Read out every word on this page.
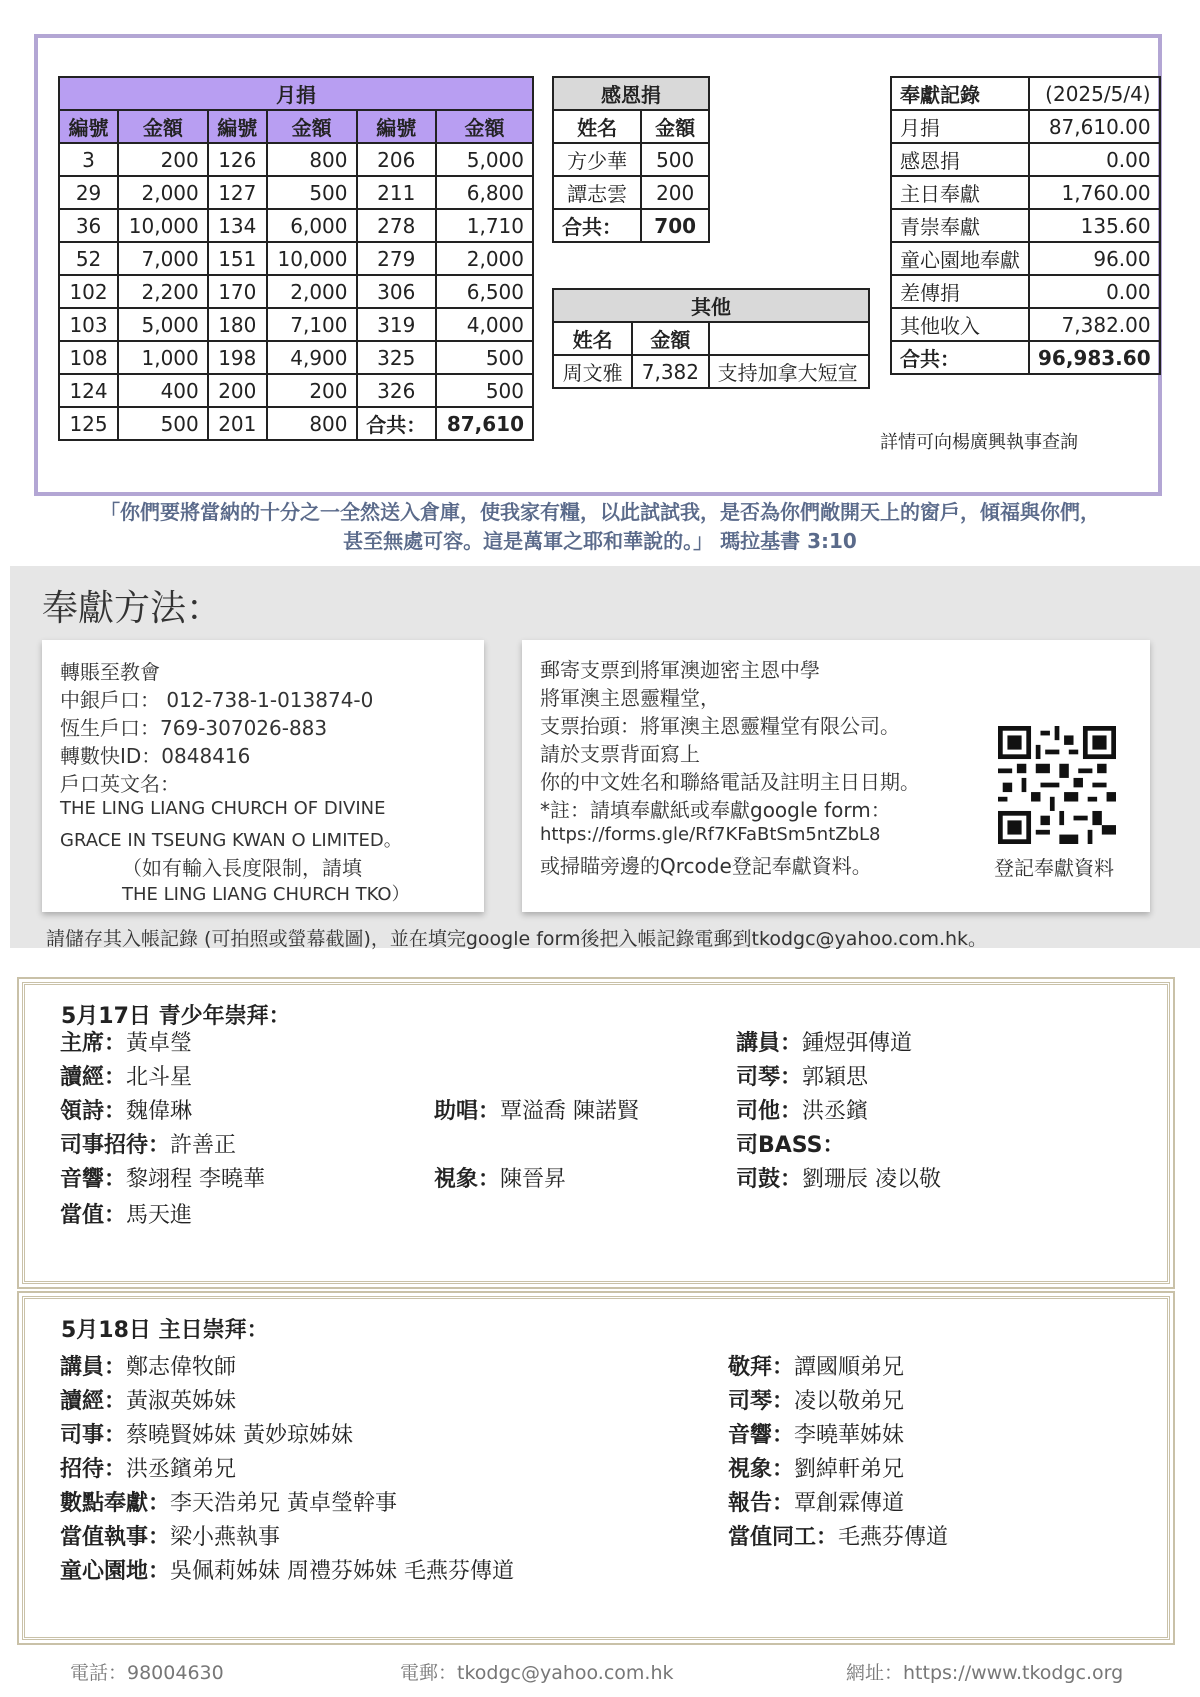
月捐					
編號	金額	編號	金額	編號	金額
3	200	126	800	206	5,000
29	2,000	127	500	211	6,800
36	10,000	134	6,000	278	1,710
52	7,000	151	10,000	279	2,000
102	2,200	170	2,000	306	6,500
103	5,000	180	7,100	319	4,000
108	1,000	198	4,900	325	500
124	400	200	200	326	500
125	500	201	800	合共：	87,610
感恩捐	
姓名	金額
方少華	500
譚志雲	200
合共：	700
其他		
姓名	金額	
周文雅	7,382	支持加拿大短宣
奉獻記錄	(2025/5/4)
月捐	87,610.00
感恩捐	0.00
主日奉獻	1,760.00
青崇奉獻	135.60
童心園地奉獻	96.00
差傳捐	0.00
其他收入	7,382.00
合共：	96,983.60
詳情可向楊廣興執事查詢
「你們要將當納的十分之一全然送入倉庫，使我家有糧，以此試試我，是否為你們敞開天上的窗戶，傾福與你們，
甚至無處可容。這是萬軍之耶和華說的。」 瑪拉基書 3:10
奉獻方法：
轉賬至教會
中銀戶口： 012-738-1-013874-0
恆生戶口：769-307026-883
轉數快ID：0848416
戶口英文名：
THE LING LIANG CHURCH OF DIVINE
GRACE IN TSEUNG KWAN O LIMITED。
（如有輸入長度限制，請填
THE LING LIANG CHURCH TKO）
郵寄支票到將軍澳迦密主恩中學
將軍澳主恩靈糧堂，
支票抬頭：將軍澳主恩靈糧堂有限公司。
請於支票背面寫上
你的中文姓名和聯絡電話及註明主日日期。
*註：請填奉獻紙或奉獻google form：
https://forms.gle/Rf7KFaBtSm5ntZbL8
或掃瞄旁邊的Qrcode登記奉獻資料。	登記奉獻資料
請儲存其入帳記錄 (可拍照或螢幕截圖)，並在填完google form後把入帳記錄電郵到tkodgc@yahoo.com.hk。
5月17日 青少年崇拜：
主席：黃卓瑩
讀經：北斗星
領詩：魏偉琳
司事招待：許善正
音響：黎翊程 李曉華
當值：馬天進
助唱：覃溢喬 陳諾賢
視象：陳晉昇
講員：鍾煜弭傳道
司琴：郭穎思
司他：洪丞鑌
司BASS：
司鼓：劉珊辰 凌以敬
5月18日 主日崇拜：
講員：鄭志偉牧師
讀經：黃淑英姊妹
司事：蔡曉賢姊妹 黃妙琼姊妹
招待：洪丞鑌弟兄
數點奉獻：李天浩弟兄 黃卓瑩幹事
當值執事：梁小燕執事
童心園地：吳佩莉姊妹 周禮芬姊妹 毛燕芬傳道
敬拜：譚國順弟兄
司琴：凌以敬弟兄
音響：李曉華姊妹
視象：劉綽軒弟兄
報告：覃創霖傳道
當值同工：毛燕芬傳道
電話：98004630	電郵：tkodgc@yahoo.com.hk	網址：https://www.tkodgc.org
